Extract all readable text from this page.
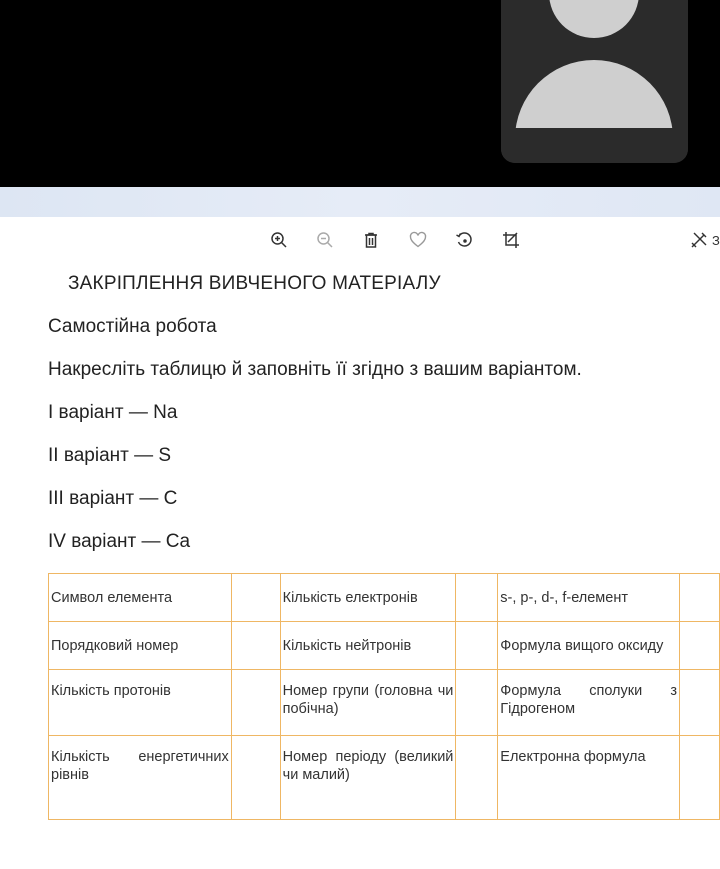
З
ЗАКРІПЛЕННЯ ВИВЧЕНОГО МАТЕРІАЛУ
Самостійна робота
Накресліть таблицю й заповніть її згідно з вашим варіантом.
I варіант — Na
II варіант — S
III варіант — C
IV варіант — Ca
Символ елемента		Кількість електронів		s-, p-, d-, f-елемент	
Порядковий номер		Кількість нейтронів		Формула вищого оксиду	
Кількість протонів		Номер групи (головна чи побічна)		Формула сполуки з Гідрогеном	
Кількість енергетичних рівнів		Номер періоду (великий чи малий)		Електронна формула	
